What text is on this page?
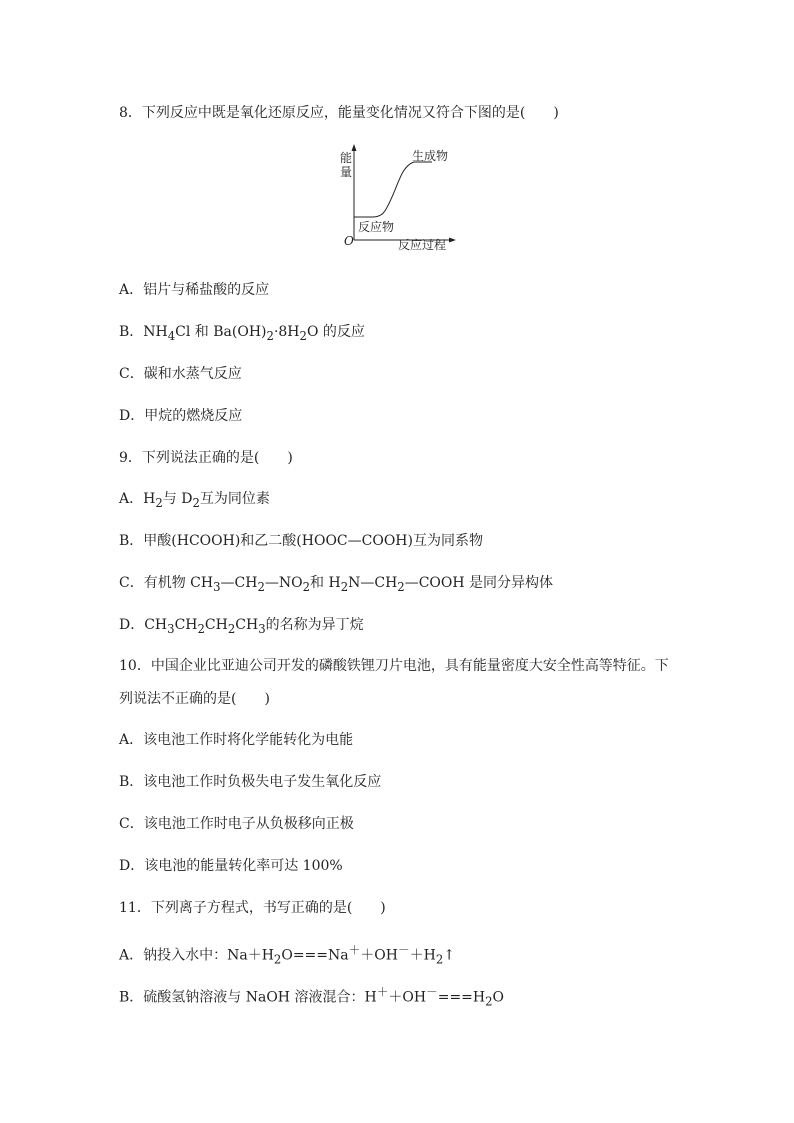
8．下列反应中既是氧化还原反应，能量变化情况又符合下图的是(　　)
能
量
O	反应过程
生成物
反应物
A．铝片与稀盐酸的反应
B．$NH_4Cl$ 和 $Ba(OH)_2\cdot 8H_2O$ 的反应
C．碳和水蒸气反应
D．甲烷的燃烧反应
9．下列说法正确的是(　　)
A．$H_2$与 $D_2$互为同位素
B．甲酸(HCOOH)和乙二酸(HOOC—COOH)互为同系物
C．有机物 $CH_3—CH_2—NO_2$和 $H_2N—CH_2—COOH$ 是同分异构体
D．$CH_3CH_2CH_2CH_3$的名称为异丁烷
10．中国企业比亚迪公司开发的磷酸铁锂刀片电池，具有能量密度大安全性高等特征。下
列说法不正确的是(　　)
A．该电池工作时将化学能转化为电能
B．该电池工作时负极失电子发生氧化反应
C．该电池工作时电子从负极移向正极
D．该电池的能量转化率可达 100%
11．下列离子方程式，书写正确的是(　　)
A．钠投入水中：$Na+H_2O===Na^++OH^-+H_2↑$
B．硫酸氢钠溶液与 NaOH 溶液混合：$H^++OH^-===H_2O$
